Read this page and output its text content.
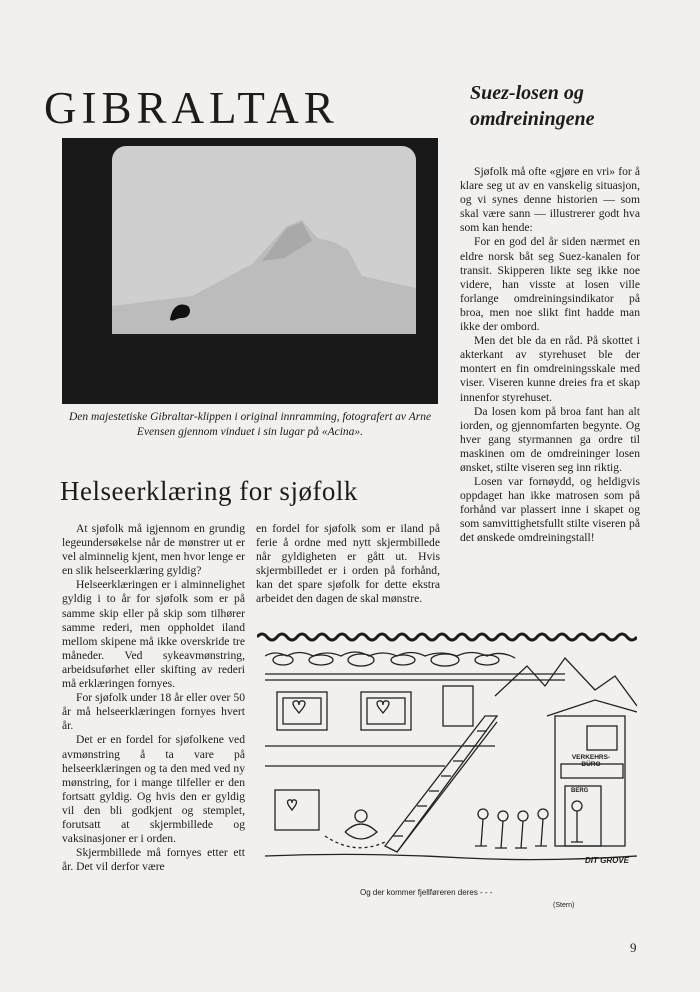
GIBRALTAR	Suez-losen og
omdreiningene
Den majestetiske Gibraltar-klippen i original innramming, fotografert av Arne Evensen gjennom vinduet i sin lugar på «Acina».

Sjøfolk må ofte «gjøre en vri» for å klare seg ut av en vanskelig situasjon, og vi synes denne historien — som skal være sann — illustrerer godt hva som kan hende:

For en god del år siden nærmet en eldre norsk båt seg Suez-kanalen for transit. Skipperen likte seg ikke noe videre, han visste at losen ville forlange omdreiningsindikator på broa, men noe slikt fint hadde man ikke der ombord.

Men det ble da en råd. På skottet i akterkant av styrehuset ble der montert en fin omdreiningsskale med viser. Viseren kunne dreies fra et skap innenfor styrehuset.

Da losen kom på broa fant han alt iorden, og gjennomfarten begynte. Og hver gang styrmannen ga ordre til maskinen om de omdreininger losen ønsket, stilte viseren seg inn riktig.

Losen var fornøydd, og heldigvis oppdaget han ikke matrosen som på forhånd var plassert inne i skapet og som samvittighetsfullt stilte viseren på det ønskede omdreiningstall!

Helseerklæring for sjøfolk

At sjøfolk må igjennom en grundig legeundersøkelse når de mønstrer ut er vel alminnelig kjent, men hvor lenge er en slik helseerklæring gyldig?

Helseerklæringen er i alminnelighet gyldig i to år for sjøfolk som er på samme skip eller på skip som tilhører samme rederi, men oppholdet iland mellom skipene må ikke overskride tre måneder. Ved sykeavmønstring, arbeidsuførhet eller skifting av rederi må erklæringen fornyes.

For sjøfolk under 18 år eller over 50 år må helseerklæringen fornyes hvert år.

Det er en fordel for sjøfolkene ved avmønstring å ta vare på helseerklæringen og ta den med ved ny mønstring, for i mange tilfeller er den fortsatt gyldig. Og hvis den er gyldig vil den bli godkjent og stemplet, forutsatt at skjermbillede og vaksinasjoner er i orden.

Skjermbillede må fornyes etter ett år. Det vil derfor være

en fordel for sjøfolk som er iland på ferie å ordne med nytt skjermbillede når gyldigheten er gått ut. Hvis skjermbilledet er i orden på forhånd, kan det spare sjøfolk for dette ekstra arbeidet den dagen de skal mønstre.

VERKEHRS-BÜRO
BERG
DIT GROVE
Og der kommer fjellføreren deres - - -
(Stern)
9
